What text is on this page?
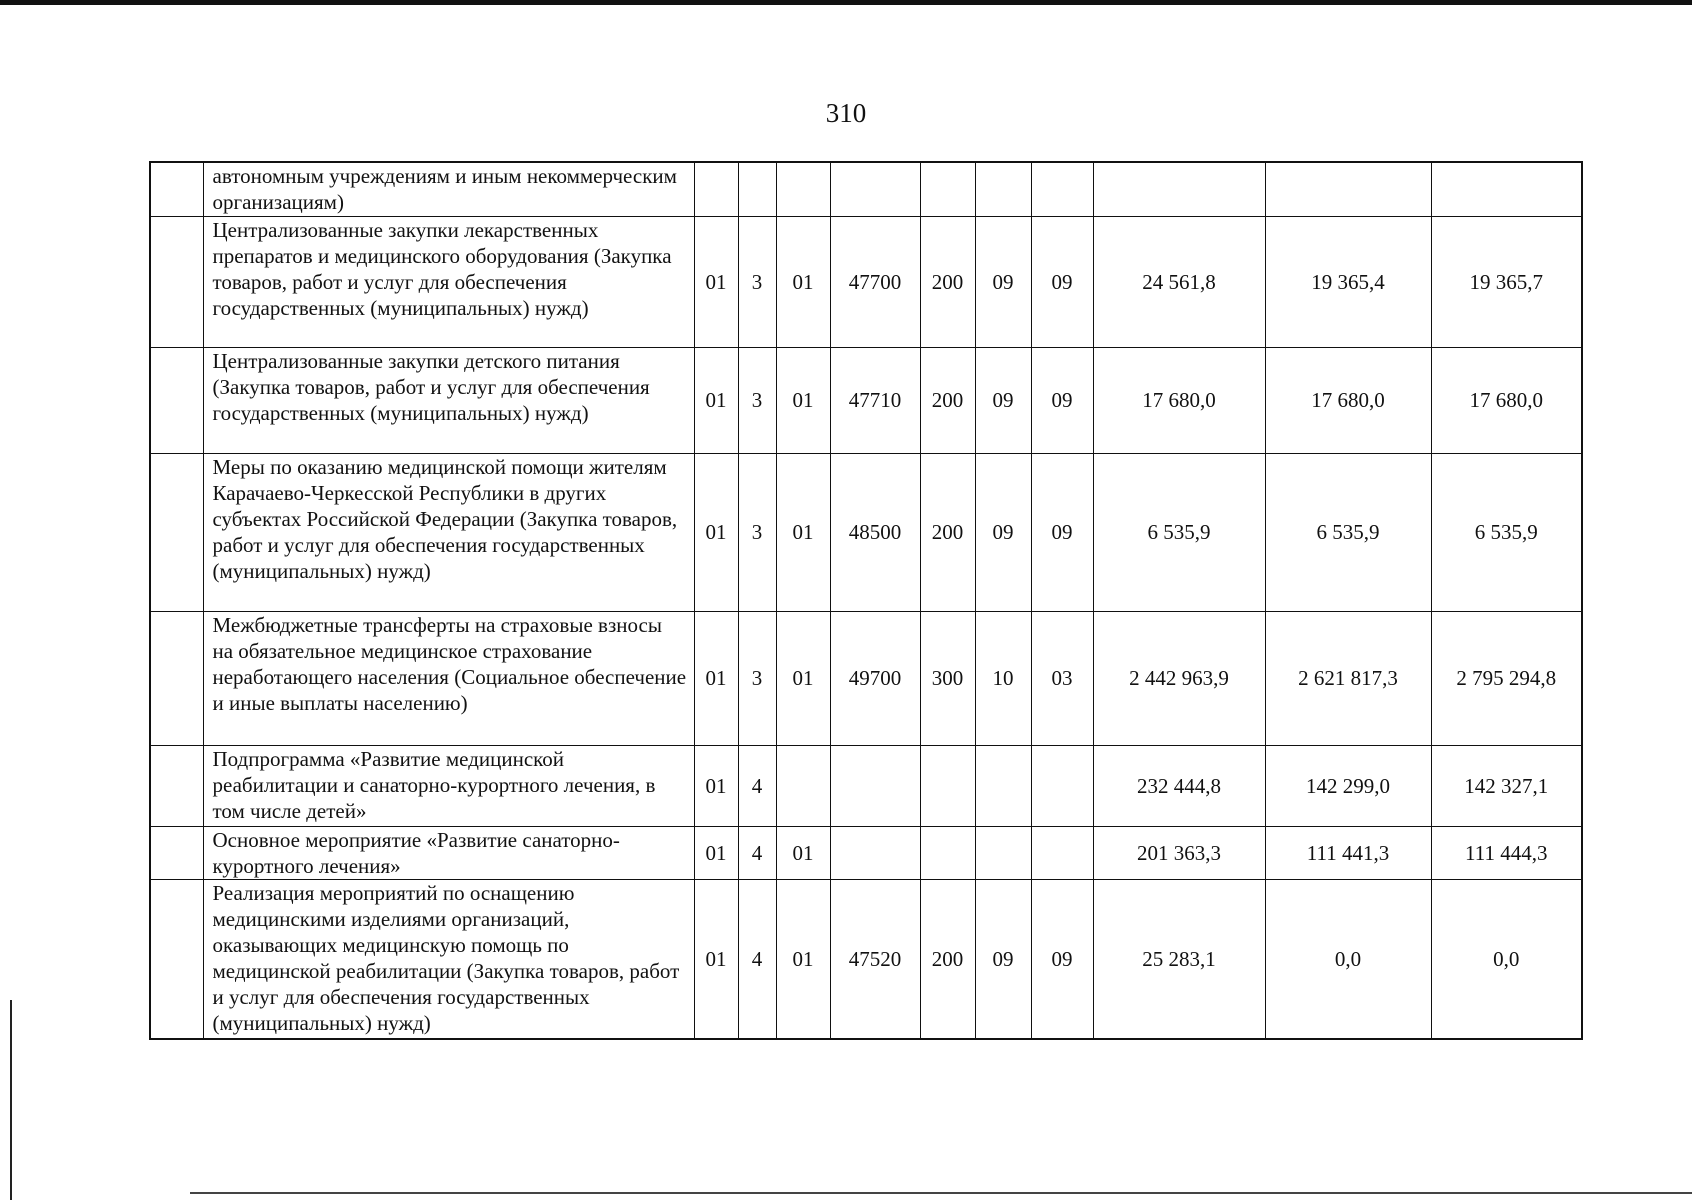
310
	автономным учреждениям и иным некоммерческим организациям)										
	Централизованные закупки лекарственных препаратов и медицинского оборудования (Закупка товаров, работ и услуг для обеспечения государственных (муниципальных) нужд)	01	3	01	47700	200	09	09	24 561,8	19 365,4	19 365,7
	Централизованные закупки детского питания (Закупка товаров, работ и услуг для обеспечения государственных (муниципальных) нужд)	01	3	01	47710	200	09	09	17 680,0	17 680,0	17 680,0
	Меры по оказанию медицинской помощи жителям Карачаево-Черкесской Республики в других субъектах Российской Федерации (Закупка товаров, работ и услуг для обеспечения государственных (муниципальных) нужд)	01	3	01	48500	200	09	09	6 535,9	6 535,9	6 535,9
	Межбюджетные трансферты на страховые взносы на обязательное медицинское страхование неработающего населения (Социальное обеспечение и иные выплаты населению)	01	3	01	49700	300	10	03	2 442 963,9	2 621 817,3	2 795 294,8
	Подпрограмма «Развитие медицинской реабилитации и санаторно-курортного лечения, в том числе детей»	01	4						232 444,8	142 299,0	142 327,1
	Основное мероприятие «Развитие санаторно-курортного лечения»	01	4	01					201 363,3	111 441,3	111 444,3
	Реализация мероприятий по оснащению медицинскими изделиями организаций, оказывающих медицинскую помощь по медицинской реабилитации (Закупка товаров, работ и услуг для обеспечения государственных (муниципальных) нужд)	01	4	01	47520	200	09	09	25 283,1	0,0	0,0
